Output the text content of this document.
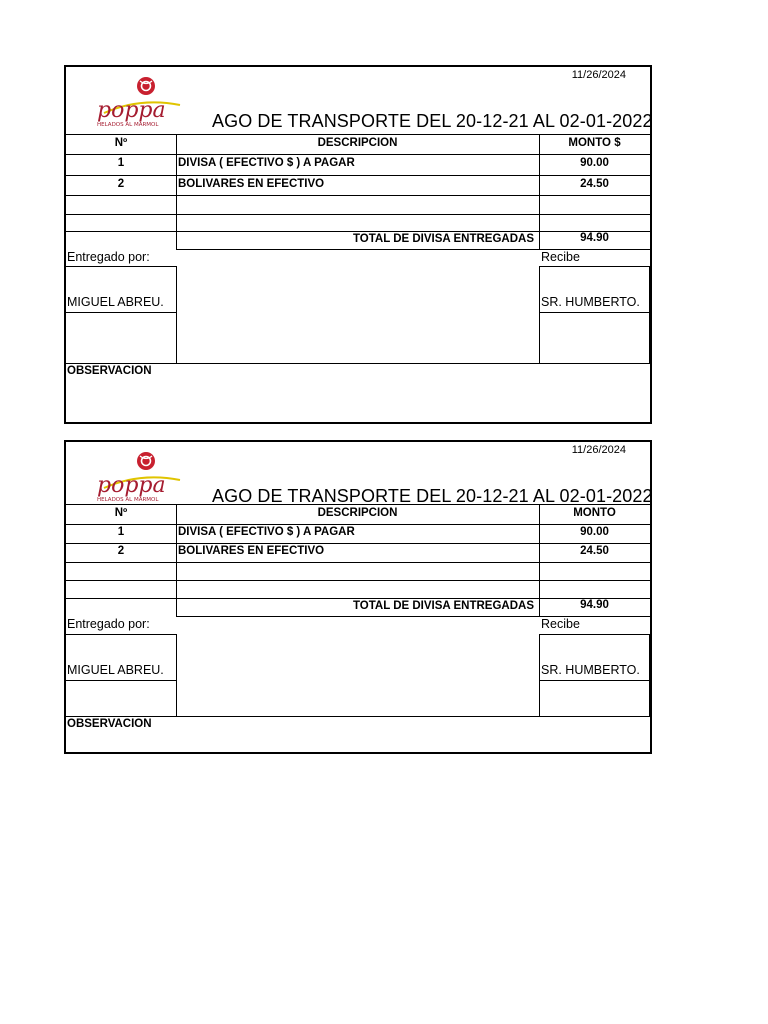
11/26/2024
poppa
HELADOS AL MÁRMOL	AGO DE TRANSPORTE DEL 20-12-21 AL 02-01-2022
Nº	DESCRIPCION	MONTO $
1	DIVISA ( EFECTIVO $ ) A PAGAR	90.00
2	BOLIVARES EN EFECTIVO	24.50
TOTAL DE DIVISA ENTREGADAS	94.90
Entregado por:	Recibe
MIGUEL ABREU.	SR. HUMBERTO.
OBSERVACION
11/26/2024
poppa
HELADOS AL MÁRMOL	AGO DE TRANSPORTE DEL 20-12-21 AL 02-01-2022
Nº	DESCRIPCION	MONTO
1	DIVISA ( EFECTIVO $ ) A PAGAR	90.00
2	BOLIVARES EN EFECTIVO	24.50
TOTAL DE DIVISA ENTREGADAS	94.90
Entregado por:	Recibe
MIGUEL ABREU.	SR. HUMBERTO.
OBSERVACION
